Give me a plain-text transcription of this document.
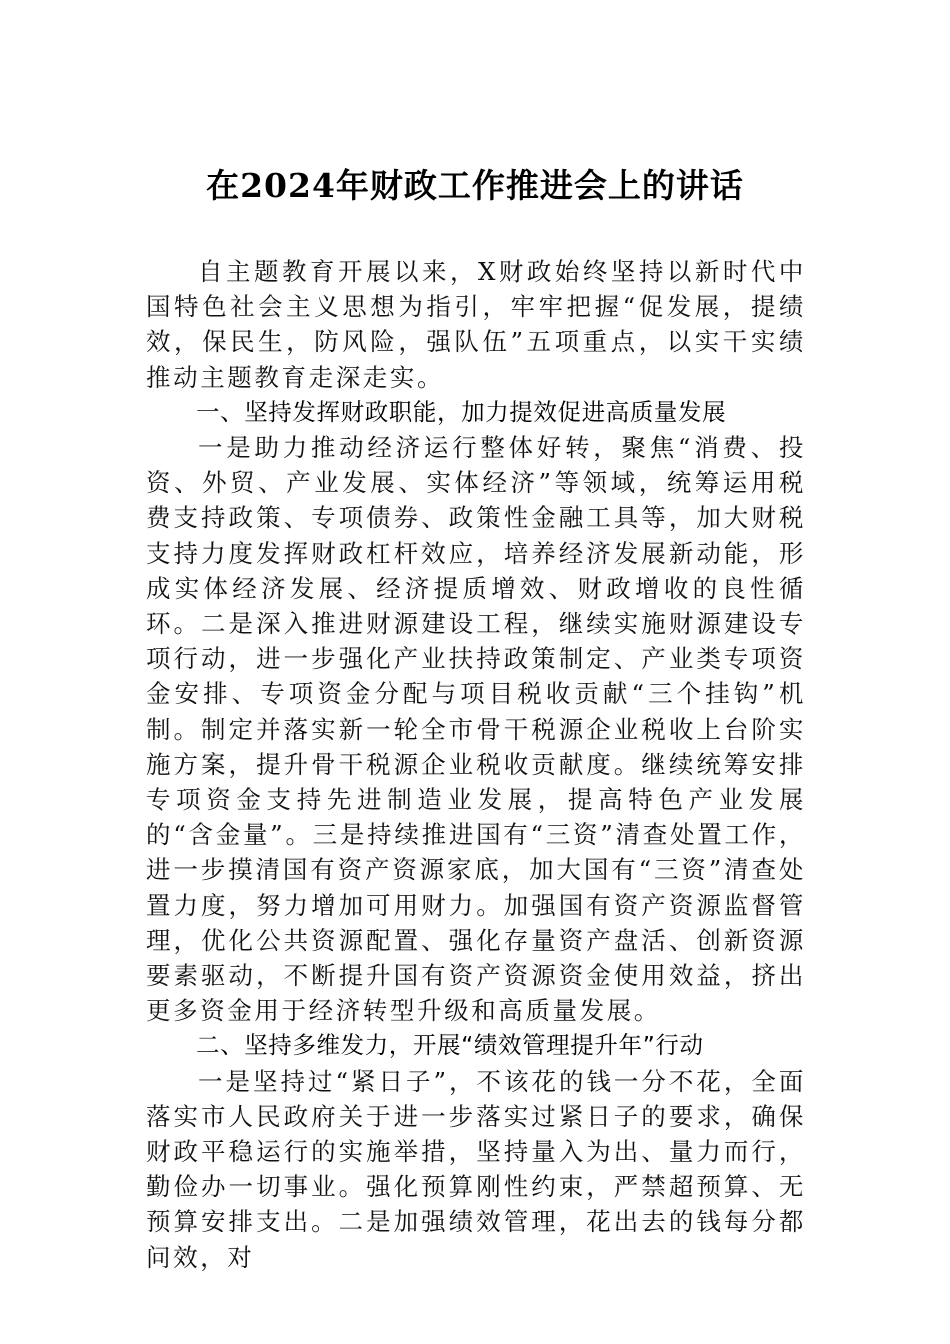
在2024年财政工作推进会上的讲话

自主题教育开展以来，X财政始终坚持以新时代中国特色社会主义思想为指引，牢牢把握“促发展，提绩效，保民生，防风险，强队伍”五项重点，以实干实绩推动主题教育走深走实。

一、坚持发挥财政职能，加力提效促进高质量发展

一是助力推动经济运行整体好转，聚焦“消费、投资、外贸、产业发展、实体经济”等领域，统筹运用税费支持政策、专项债券、政策性金融工具等，加大财税支持力度发挥财政杠杆效应，培养经济发展新动能，形成实体经济发展、经济提质增效、财政增收的良性循环。二是深入推进财源建设工程，继续实施财源建设专项行动，进一步强化产业扶持政策制定、产业类专项资金安排、专项资金分配与项目税收贡献“三个挂钩”机制。制定并落实新一轮全市骨干税源企业税收上台阶实施方案，提升骨干税源企业税收贡献度。继续统筹安排专项资金支持先进制造业发展，提高特色产业发展的“含金量”。三是持续推进国有“三资”清查处置工作，进一步摸清国有资产资源家底，加大国有“三资”清查处置力度，努力增加可用财力。加强国有资产资源监督管理，优化公共资源配置、强化存量资产盘活、创新资源要素驱动，不断提升国有资产资源资金使用效益，挤出更多资金用于经济转型升级和高质量发展。

二、坚持多维发力，开展“绩效管理提升年”行动

一是坚持过“紧日子”，不该花的钱一分不花，全面落实市人民政府关于进一步落实过紧日子的要求，确保财政平稳运行的实施举措，坚持量入为出、量力而行，勤俭办一切事业。强化预算刚性约束，严禁超预算、无预算安排支出。二是加强绩效管理，花出去的钱每分都问效，对
